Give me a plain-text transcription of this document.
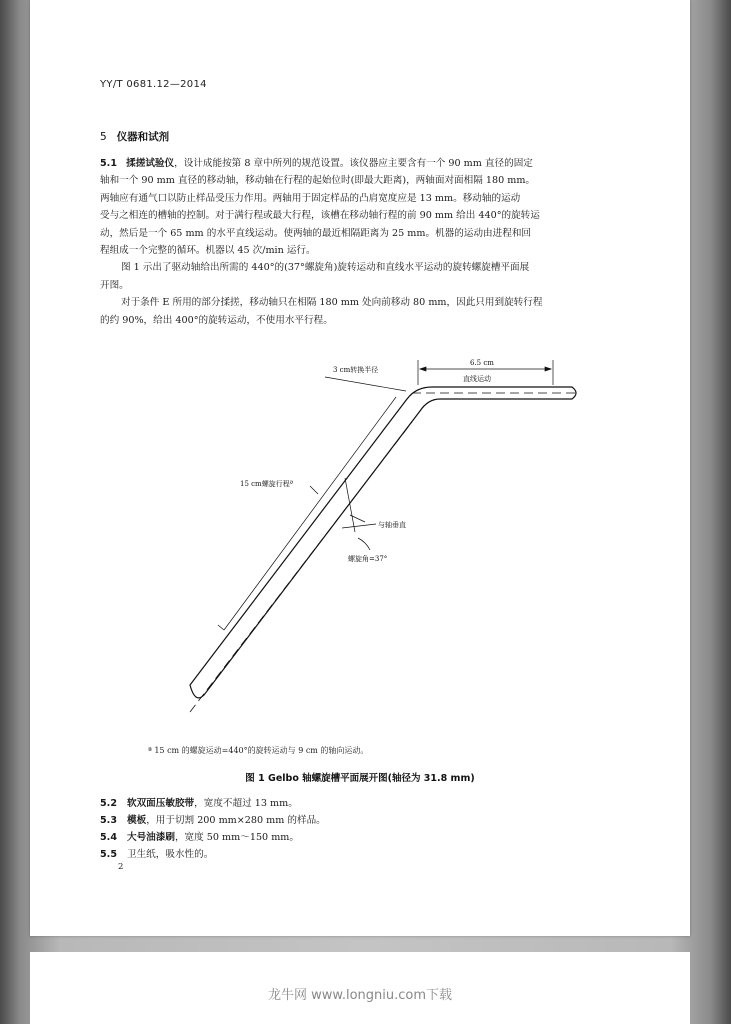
YY/T 0681.12—2014
5 仪器和试剂
5.1 揉搓试验仪，设计成能按第 8 章中所列的规范设置。该仪器应主要含有一个 90 mm 直径的固定
轴和一个 90 mm 直径的移动轴，移动轴在行程的起始位时(即最大距离)，两轴面对面相隔 180 mm。
两轴应有通气口以防止样品受压力作用。两轴用于固定样品的凸肩宽度应是 13 mm。移动轴的运动
受与之相连的槽轴的控制。对于满行程或最大行程，该槽在移动轴行程的前 90 mm 给出 440°的旋转运
动，然后是一个 65 mm 的水平直线运动。使两轴的最近相隔距离为 25 mm。机器的运动由进程和回
程组成一个完整的循环。机器以 45 次/min 运行。
图 1 示出了驱动轴给出所需的 440°的(37°螺旋角)旋转运动和直线水平运动的旋转螺旋槽平面展
开图。
对于条件 E 所用的部分揉搓，移动轴只在相隔 180 mm 处向前移动 80 mm，因此只用到旋转行程
的约 90%，给出 400°的旋转运动，不使用水平行程。
3 cm转换半径
6.5 cm
直线运动
15 cm螺旋行程ª
与轴垂直
螺旋角=37°
ª 15 cm 的螺旋运动=440°的旋转运动与 9 cm 的轴向运动。
图 1 Gelbo 轴螺旋槽平面展开图(轴径为 31.8 mm)
5.2 软双面压敏胶带，宽度不超过 13 mm。
5.3 模板，用于切割 200 mm×280 mm 的样品。
5.4 大号油漆刷，宽度 50 mm～150 mm。
5.5 卫生纸，吸水性的。
2
龙牛网 www.longniu.com下载
